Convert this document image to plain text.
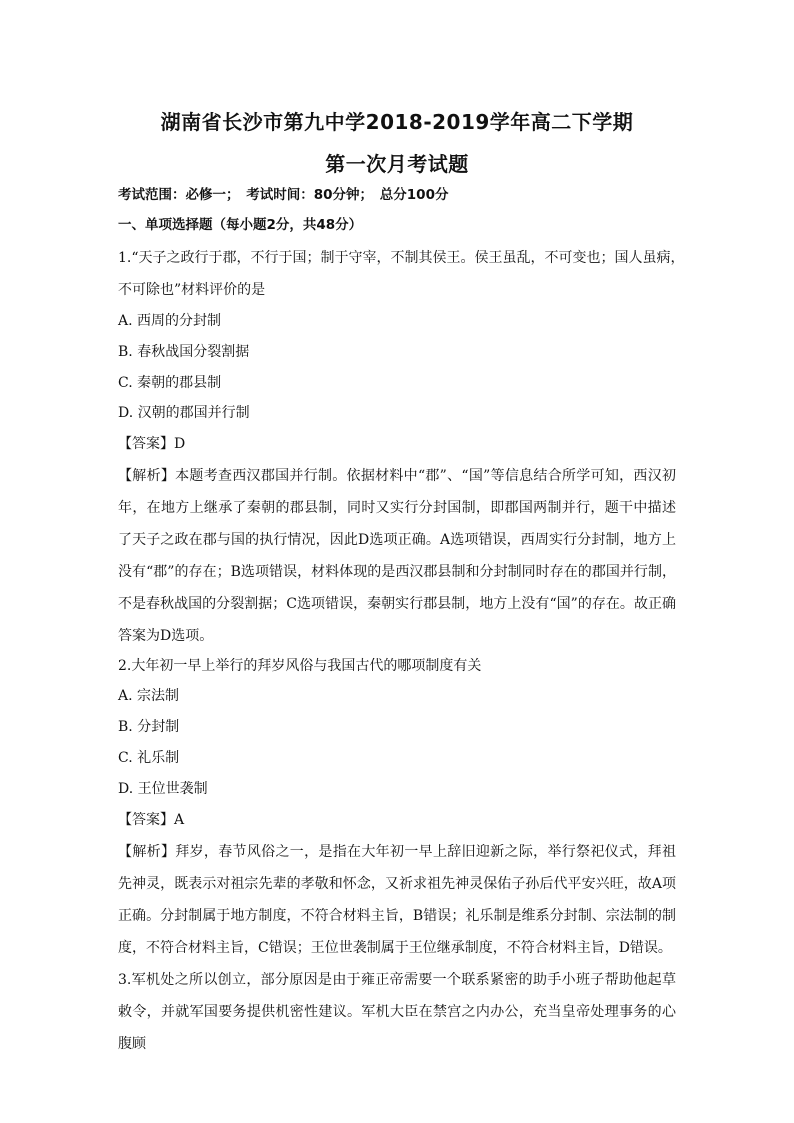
湖南省长沙市第九中学2018-2019学年高二下学期
第一次月考试题
考试范围：必修一；　考试时间：80分钟；　总分100分
一、单项选择题（每小题2分，共48分）
1.“天子之政行于郡，不行于国；制于守宰，不制其侯王。侯王虽乱，不可变也；国人虽病，
不可除也”材料评价的是
A. 西周的分封制
B. 春秋战国分裂割据
C. 秦朝的郡县制
D. 汉朝的郡国并行制
【答案】D
【解析】本题考查西汉郡国并行制。依据材料中“郡”、“国”等信息结合所学可知，西汉初年，在地方上继承了秦朝的郡县制，同时又实行分封国制，即郡国两制并行，题干中描述了天子之政在郡与国的执行情况，因此D选项正确。A选项错误，西周实行分封制，地方上没有“郡”的存在；B选项错误，材料体现的是西汉郡县制和分封制同时存在的郡国并行制，不是春秋战国的分裂割据；C选项错误，秦朝实行郡县制，地方上没有“国”的存在。故正确答案为D选项。
2.大年初一早上举行的拜岁风俗与我国古代的哪项制度有关
A. 宗法制
B. 分封制
C. 礼乐制
D. 王位世袭制
【答案】A
【解析】拜岁，春节风俗之一，是指在大年初一早上辞旧迎新之际，举行祭祀仪式，拜祖先神灵，既表示对祖宗先辈的孝敬和怀念，又祈求祖先神灵保佑子孙后代平安兴旺，故A项正确。分封制属于地方制度，不符合材料主旨，B错误；礼乐制是维系分封制、宗法制的制度，不符合材料主旨，C错误；王位世袭制属于王位继承制度，不符合材料主旨，D错误。
3.军机处之所以创立，部分原因是由于雍正帝需要一个联系紧密的助手小班子帮助他起草敕令，并就军国要务提供机密性建议。军机大臣在禁宫之内办公，充当皇帝处理事务的心腹顾
